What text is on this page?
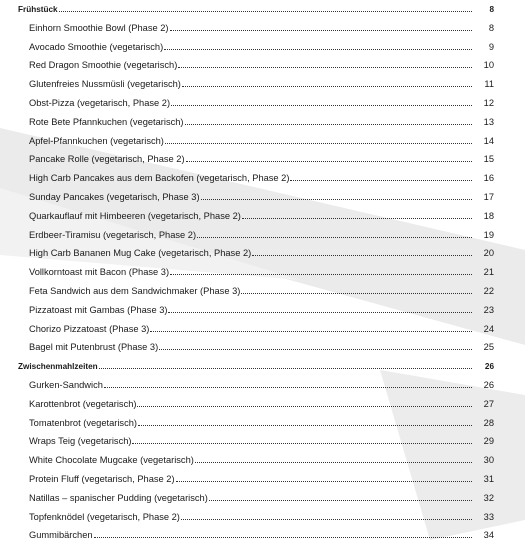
Frühstück	8
Einhorn Smoothie Bowl (Phase 2)	8
Avocado Smoothie (vegetarisch)	9
Red Dragon Smoothie (vegetarisch)	10
Glutenfreies Nussmüsli (vegetarisch)	11
Obst-Pizza (vegetarisch, Phase 2)	12
Rote Bete Pfannkuchen (vegetarisch)	13
Apfel-Pfannkuchen (vegetarisch)	14
Pancake Rolle (vegetarisch, Phase 2)	15
High Carb Pancakes aus dem Backofen (vegetarisch, Phase 2)	16
Sunday Pancakes (vegetarisch, Phase 3)	17
Quarkauflauf mit Himbeeren (vegetarisch, Phase 2)	18
Erdbeer-Tiramisu (vegetarisch, Phase 2)	19
High Carb Bananen Mug Cake (vegetarisch, Phase 2)	20
Vollkorntoast mit Bacon (Phase 3)	21
Feta Sandwich aus dem Sandwichmaker (Phase 3)	22
Pizzatoast mit Gambas (Phase 3)	23
Chorizo Pizzatoast (Phase 3)	24
Bagel mit Putenbrust (Phase 3)	25
Zwischenmahlzeiten	26
Gurken-Sandwich	26
Karottenbrot (vegetarisch)	27
Tomatenbrot (vegetarisch)	28
Wraps Teig (vegetarisch)	29
White Chocolate Mugcake (vegetarisch)	30
Protein Fluff (vegetarisch, Phase 2)	31
Natillas – spanischer Pudding (vegetarisch)	32
Topfenknödel (vegetarisch, Phase 2)	33
Gummibärchen	34
